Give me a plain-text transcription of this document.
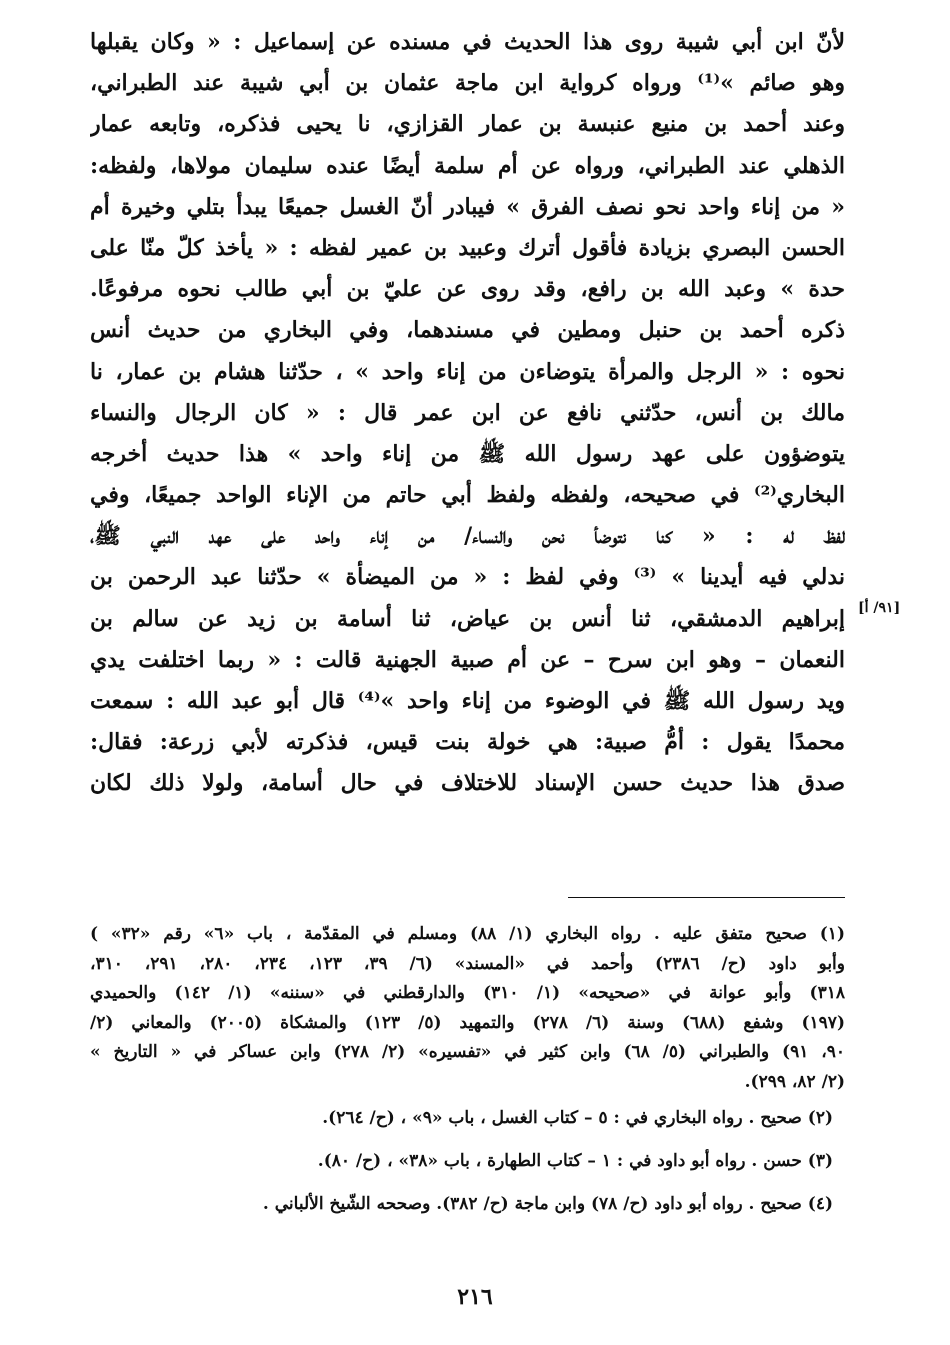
لأنّ ابن أبي شيبة روى هذا الحديث في مسنده عن إسماعيل : « وكان يقبلها
وهو صائم »⁽¹⁾ ورواه كرواية ابن ماجة عثمان بن أبي شيبة عند الطبراني،
وعند أحمد بن منيع عنبسة بن عمار القزازي، نا يحيى فذكره، وتابعه عمار
الذهلي عند الطبراني، ورواه عن أم سلمة أيضًا عنده سليمان مولاها، ولفظه:
« من إناء واحد نحو نصف الفرق » فيبادر أنّ الغسل جميعًا يبدأ بتلي وخيرة أم
الحسن البصري بزيادة فأقول أترك وعبيد بن عمير لفظه : « يأخذ كلّ منّا على
حدة » وعبد الله بن رافع، وقد روى عن عليّ بن أبي طالب نحوه مرفوعًا.
ذكره أحمد بن حنبل ومطين في مسندهما، وفي البخاري من حديث أنس
نحوه : « الرجل والمرأة يتوضاءن من إناء واحد » ، حدّثنا هشام بن عمار، نا
مالك بن أنس، حدّثني نافع عن ابن عمر قال : « كان الرجال والنساء
يتوضؤون على عهد رسول الله ﷺ من إناء واحد » هذا حديث أخرجه
البخاري⁽²⁾ في صحيحه، ولفظه ولفظ أبي حاتم من الإناء الواحد جميعًا، وفي
لفظ له : « كنا نتوضأ نحن والنساء/ من إناء واحد على عهد النبي ﷺ،
ندلي فيه أيدينا » ⁽³⁾ وفي لفظ : « من الميضأة » حدّثنا عبد الرحمن بن
إبراهيم الدمشقي، ثنا أنس بن عياض، ثنا أسامة بن زيد عن سالم بن
النعمان – وهو ابن سرح – عن أم صبية الجهنية قالت : « ربما اختلفت يدي
ويد رسول الله ﷺ في الوضوء من إناء واحد »⁽⁴⁾ قال أبو عبد الله : سمعت
محمدًا يقول : أمُّ صبية: هي خولة بنت قيس، فذكرته لأبي زرعة: فقال:
صدق هذا حديث حسن الإسناد للاختلاف في حال أسامة، ولولا ذلك لكان
[٩١/ أ]
(١) صحيح متفق عليه . رواه البخاري (١/ ٨٨) ومسلم في المقدّمة ، باب «٦» رقم «٣٢» )
وأبو داود (ح/ ٢٣٨٦) وأحمد في «المسند» (٦/ ٣٩، ١٢٣، ٢٣٤، ٢٨٠، ٢٩١، ٣١٠،
٣١٨) وأبو عوانة في «صحيحه» (١/ ٣١٠) والدارقطني في «سننه» (١/ ١٤٢) والحميدي
(١٩٧) وشفع (٦٨٨) وسنة (٦/ ٢٧٨) والتمهيد (٥/ ١٢٣) والمشكاة (٢٠٠٥) والمعاني (٢/
٩٠، ٩١) والطبراني (٥/ ٦٨) وابن كثير في «تفسيره» (٢/ ٢٧٨) وابن عساكر في « التاريخ »
(٢/ ٨٢، ٢٩٩).
(٢) صحيح . رواه البخاري في : ٥ – كتاب الغسل ، باب «٩» ، (ح/ ٢٦٤).
(٣) حسن . رواه أبو داود في : ١ – كتاب الطهارة ، باب «٣٨» ، (ح/ ٨٠).
(٤) صحيح . رواه أبو داود (ح/ ٧٨) وابن ماجة (ح/ ٣٨٢). وصححه الشّيخ الألباني .
٢١٦
